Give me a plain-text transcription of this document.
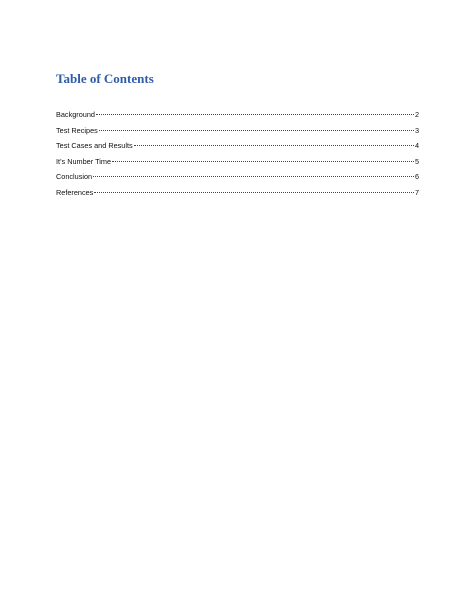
Table of Contents
Background	2
Test Recipes	3
Test Cases and Results	4
It’s Number Time	5
Conclusion	6
References	7
